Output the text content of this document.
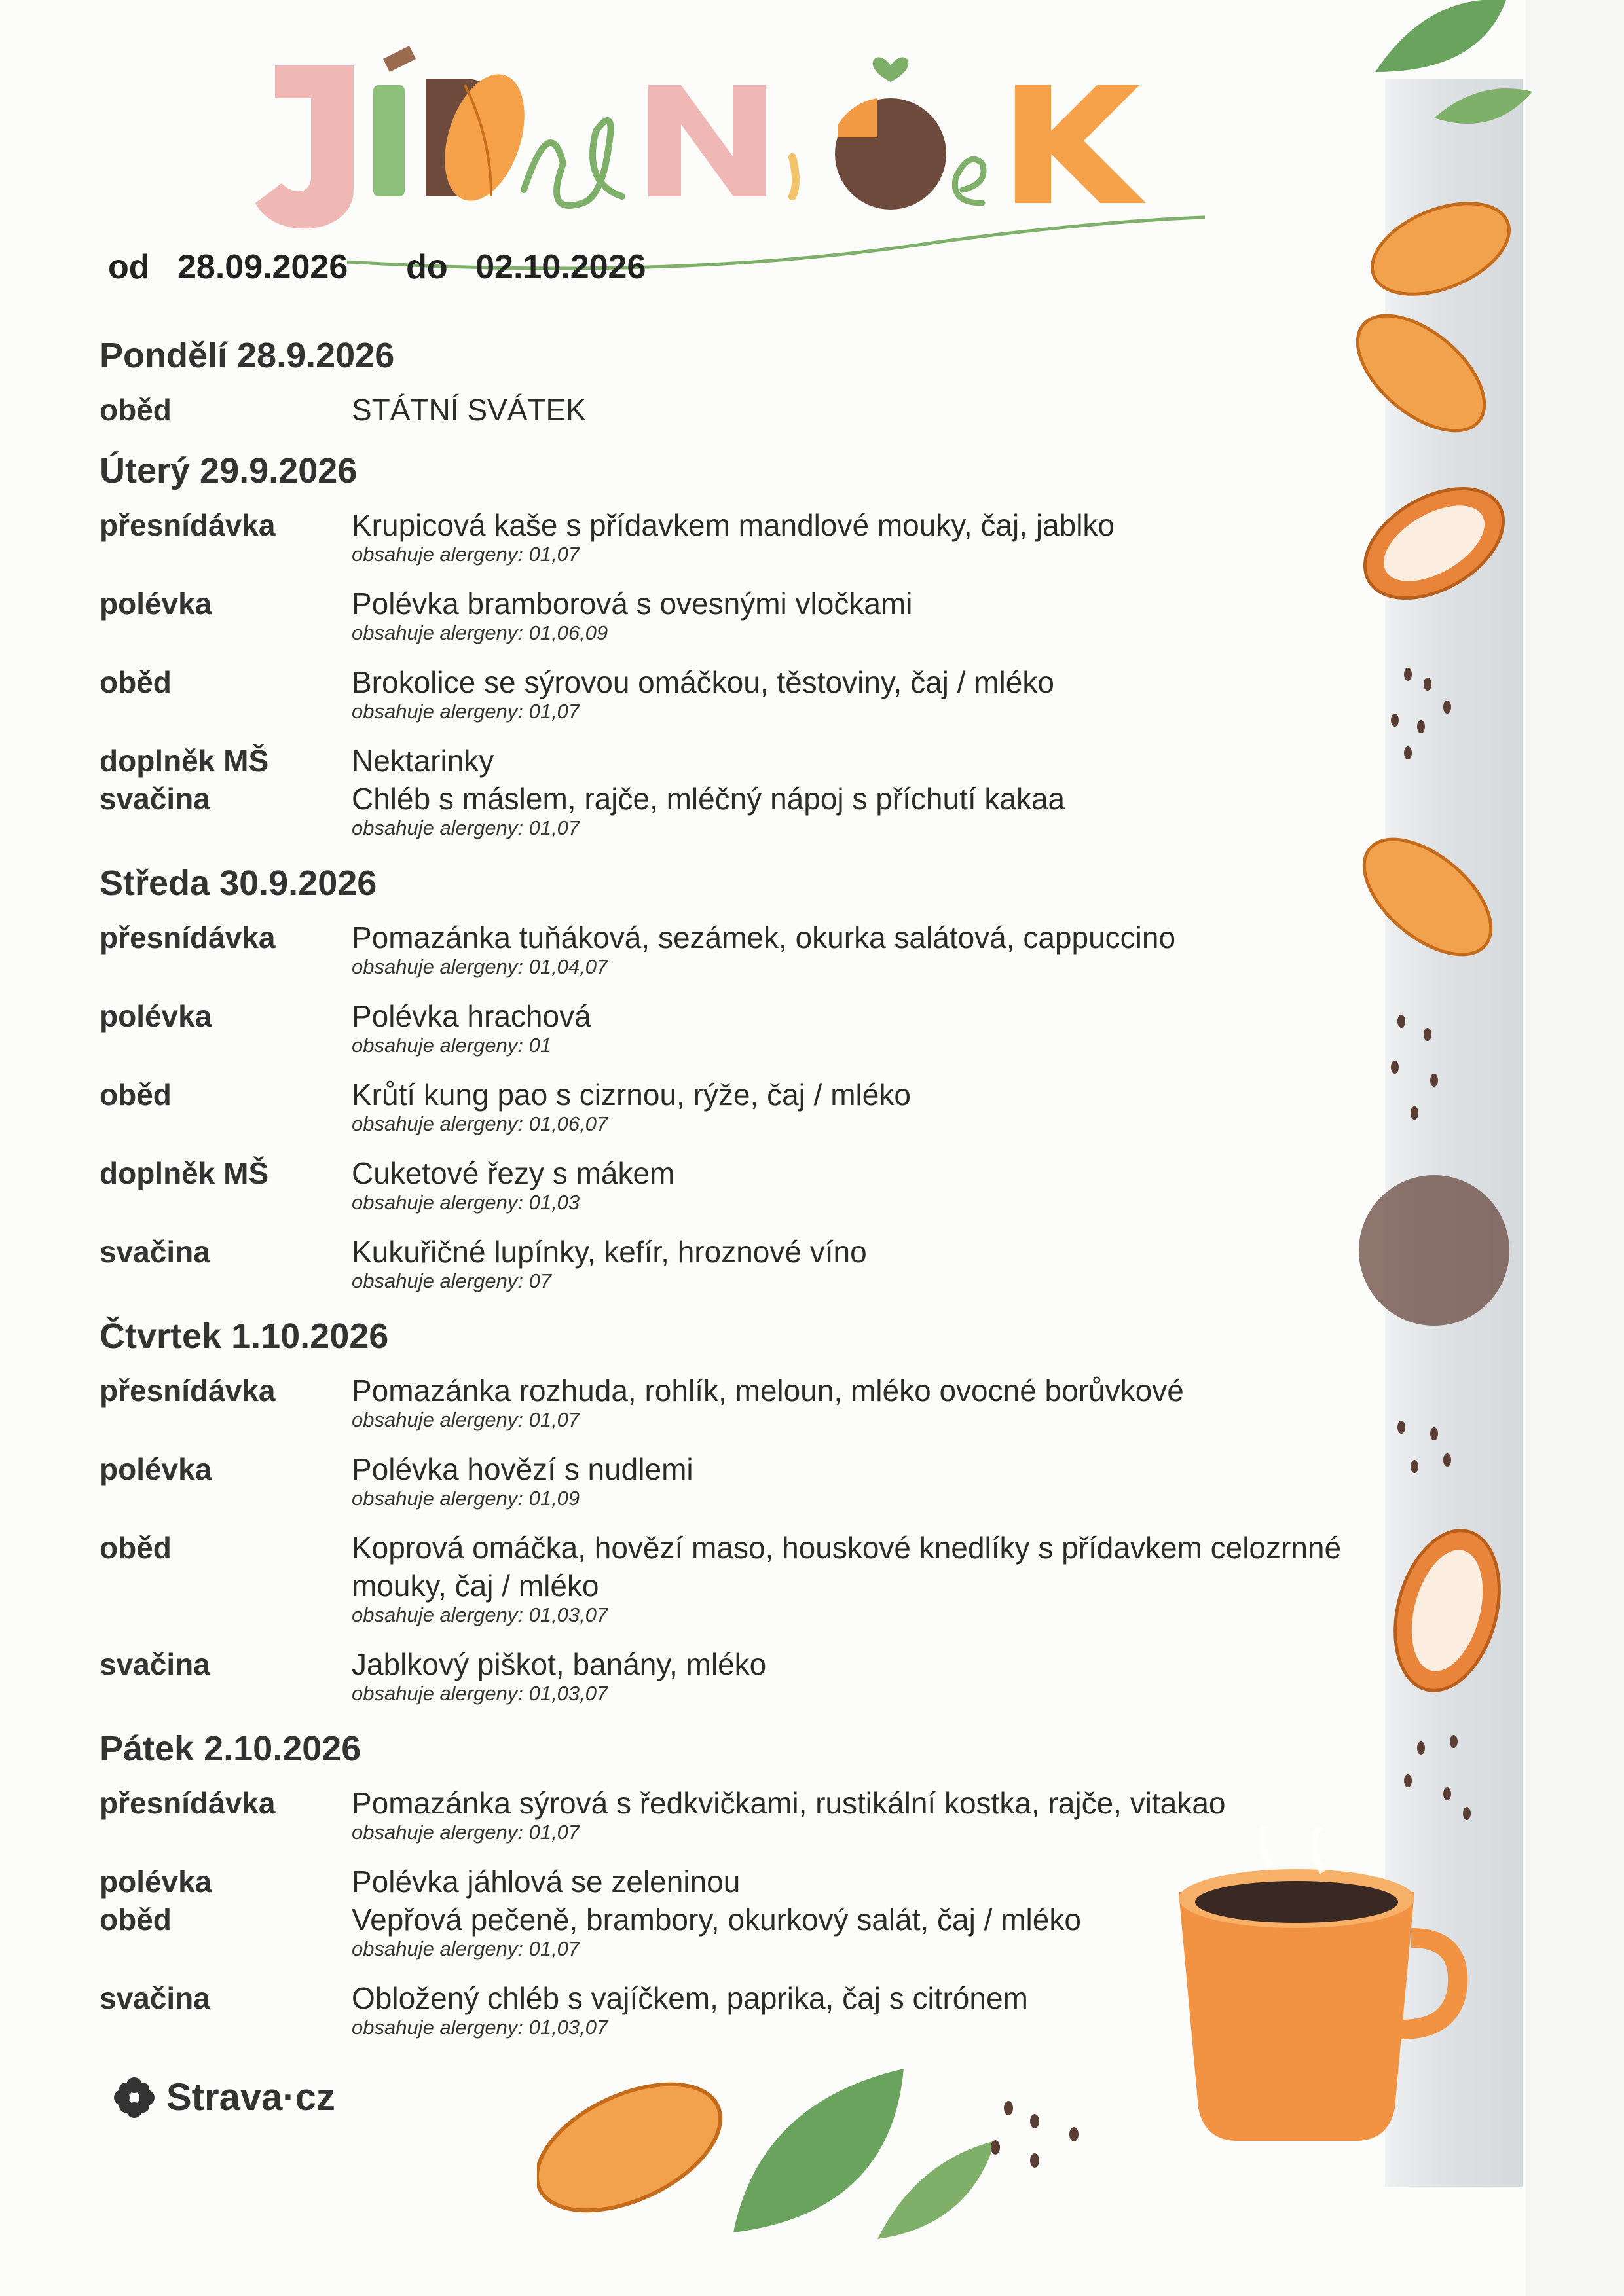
od 28.09.2026 do 02.10.2026
Pondělí 28.9.2026
oběd	STÁTNÍ SVÁTEK
Úterý 29.9.2026
přesnídávka	Krupicová kaše s přídavkem mandlové mouky, čaj, jablko
obsahuje alergeny: 01,07
polévka	Polévka bramborová s ovesnými vločkami
obsahuje alergeny: 01,06,09
oběd	Brokolice se sýrovou omáčkou, těstoviny, čaj / mléko
obsahuje alergeny: 01,07
doplněk MŠ	Nektarinky
svačina	Chléb s máslem, rajče, mléčný nápoj s příchutí kakaa
obsahuje alergeny: 01,07
Středa 30.9.2026
přesnídávka	Pomazánka tuňáková, sezámek, okurka salátová, cappuccino
obsahuje alergeny: 01,04,07
polévka	Polévka hrachová
obsahuje alergeny: 01
oběd	Krůtí kung pao s cizrnou, rýže, čaj / mléko
obsahuje alergeny: 01,06,07
doplněk MŠ	Cuketové řezy s mákem
obsahuje alergeny: 01,03
svačina	Kukuřičné lupínky, kefír, hroznové víno
obsahuje alergeny: 07
Čtvrtek 1.10.2026
přesnídávka	Pomazánka rozhuda, rohlík, meloun, mléko ovocné borůvkové
obsahuje alergeny: 01,07
polévka	Polévka hovězí s nudlemi
obsahuje alergeny: 01,09
oběd	Koprová omáčka, hovězí maso, houskové knedlíky s přídavkem celozrnné mouky, čaj / mléko
obsahuje alergeny: 01,03,07
svačina	Jablkový piškot, banány, mléko
obsahuje alergeny: 01,03,07
Pátek 2.10.2026
přesnídávka	Pomazánka sýrová s ředkvičkami, rustikální kostka, rajče, vitakao
obsahuje alergeny: 01,07
polévka	Polévka jáhlová se zeleninou
oběd	Vepřová pečeně, brambory, okurkový salát, čaj / mléko
obsahuje alergeny: 01,07
svačina	Obložený chléb s vajíčkem, paprika, čaj s citrónem
obsahuje alergeny: 01,03,07
Strava·cz
